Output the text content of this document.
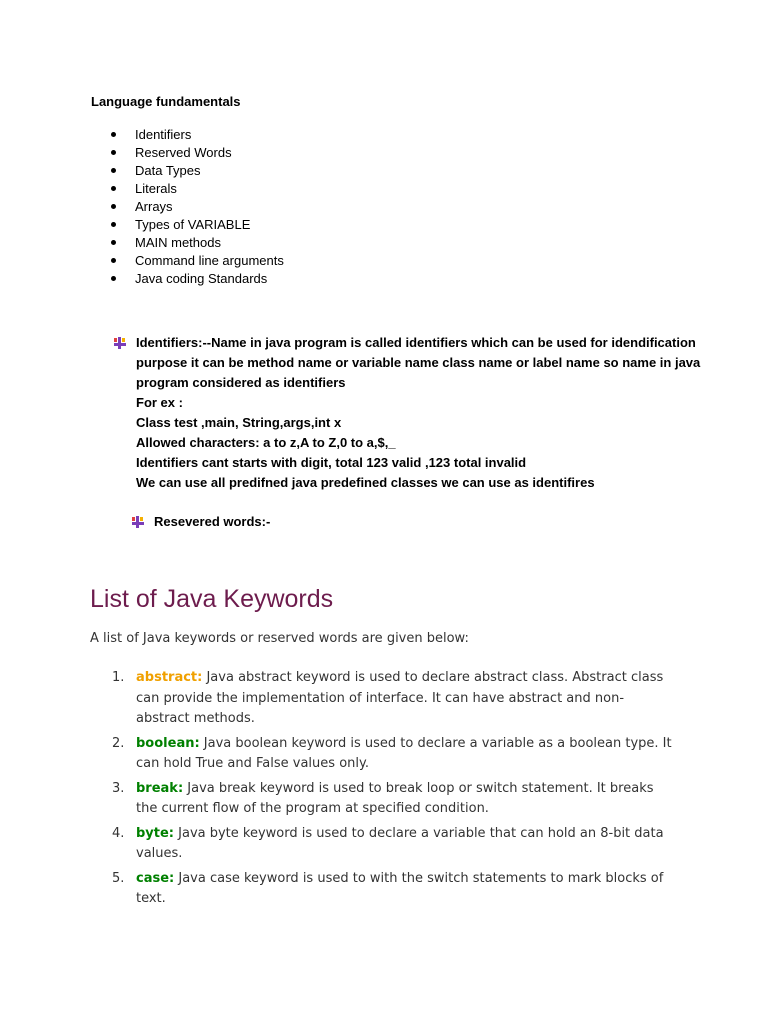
Language fundamentals
Identifiers
Reserved Words
Data Types
Literals
Arrays
Types of VARIABLE
MAIN methods
Command line arguments
Java coding Standards
Identifiers:--Name in java program is called identifiers which can be used for idendification
purpose it can be method name or variable name class name or label name so name in java
program considered as identifiers
For ex :
Class test ,main, String,args,int x
Allowed characters: a to z,A to Z,0 to a,$,_
Identifiers cant starts with digit, total 123 valid ,123 total invalid
We can use all predifned java predefined classes we can use as identifires
Resevered words:-
List of Java Keywords
A list of Java keywords or reserved words are given below:
1. abstract: Java abstract keyword is used to declare abstract class. Abstract class can provide the implementation of interface. It can have abstract and non-abstract methods.
2. boolean: Java boolean keyword is used to declare a variable as a boolean type. It can hold True and False values only.
3. break: Java break keyword is used to break loop or switch statement. It breaks the current flow of the program at specified condition.
4. byte: Java byte keyword is used to declare a variable that can hold an 8-bit data values.
5. case: Java case keyword is used to with the switch statements to mark blocks of text.
